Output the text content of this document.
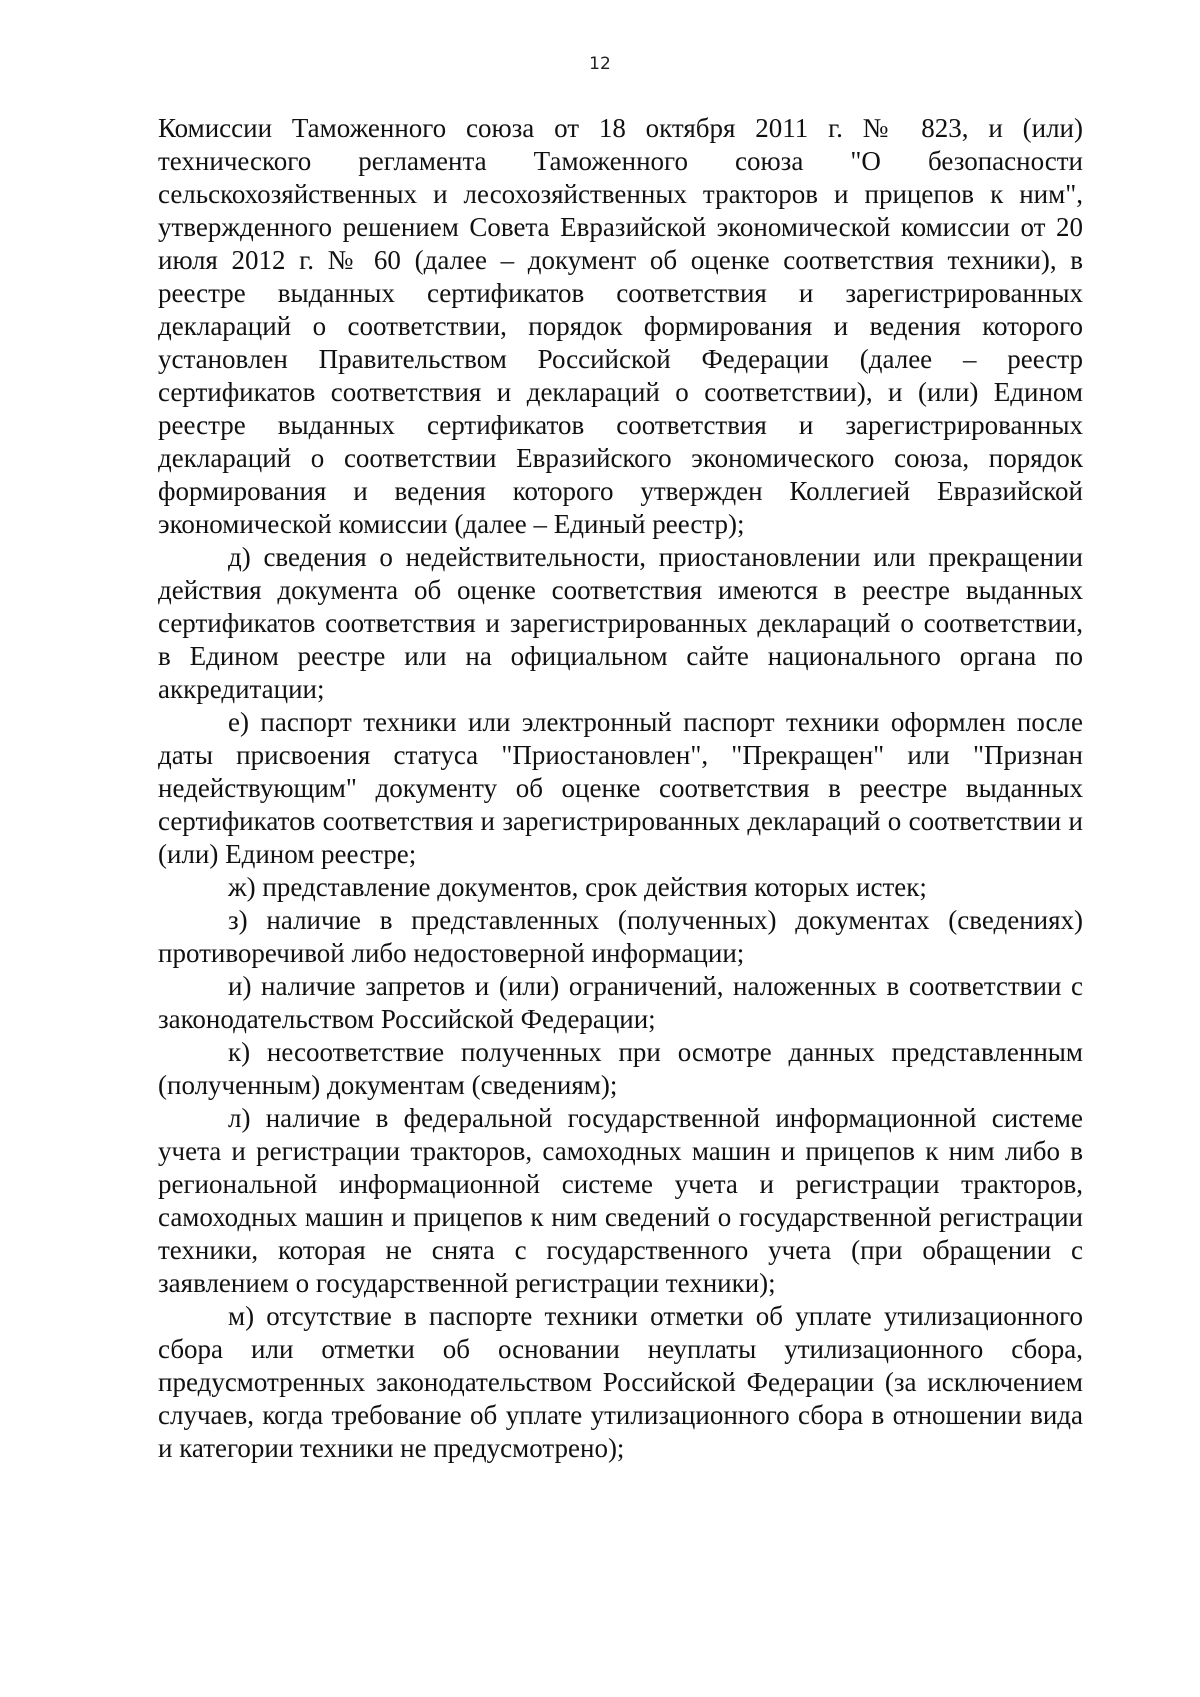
12

Комиссии Таможенного союза от 18 октября 2011 г. № 823, и (или) технического регламента Таможенного союза "О безопасности сельскохозяйственных и лесохозяйственных тракторов и прицепов к ним", утвержденного решением Совета Евразийской экономической комиссии от 20 июля 2012 г. № 60 (далее – документ об оценке соответствия техники), в реестре выданных сертификатов соответствия и зарегистрированных деклараций о соответствии, порядок формирования и ведения которого установлен Правительством Российской Федерации (далее – реестр сертификатов соответствия и деклараций о соответствии), и (или) Едином реестре выданных сертификатов соответствия и зарегистрированных деклараций о соответствии Евразийского экономического союза, порядок формирования и ведения которого утвержден Коллегией Евразийской экономической комиссии (далее – Единый реестр);

д) сведения о недействительности, приостановлении или прекращении действия документа об оценке соответствия имеются в реестре выданных сертификатов соответствия и зарегистрированных деклараций о соответствии, в Едином реестре или на официальном сайте национального органа по аккредитации;

е) паспорт техники или электронный паспорт техники оформлен после даты присвоения статуса "Приостановлен", "Прекращен" или "Признан недействующим" документу об оценке соответствия в реестре выданных сертификатов соответствия и зарегистрированных деклараций о соответствии и (или) Едином реестре;

ж) представление документов, срок действия которых истек;

з) наличие в представленных (полученных) документах (сведениях) противоречивой либо недостоверной информации;

и) наличие запретов и (или) ограничений, наложенных в соответствии с законодательством Российской Федерации;

к) несоответствие полученных при осмотре данных представленным (полученным) документам (сведениям);

л) наличие в федеральной государственной информационной системе учета и регистрации тракторов, самоходных машин и прицепов к ним либо в региональной информационной системе учета и регистрации тракторов, самоходных машин и прицепов к ним сведений о государственной регистрации техники, которая не снята с государственного учета (при обращении с заявлением о государственной регистрации техники);

м) отсутствие в паспорте техники отметки об уплате утилизационного сбора или отметки об основании неуплаты утилизационного сбора, предусмотренных законодательством Российской Федерации (за исключением случаев, когда требование об уплате утилизационного сбора в отношении вида и категории техники не предусмотрено);
